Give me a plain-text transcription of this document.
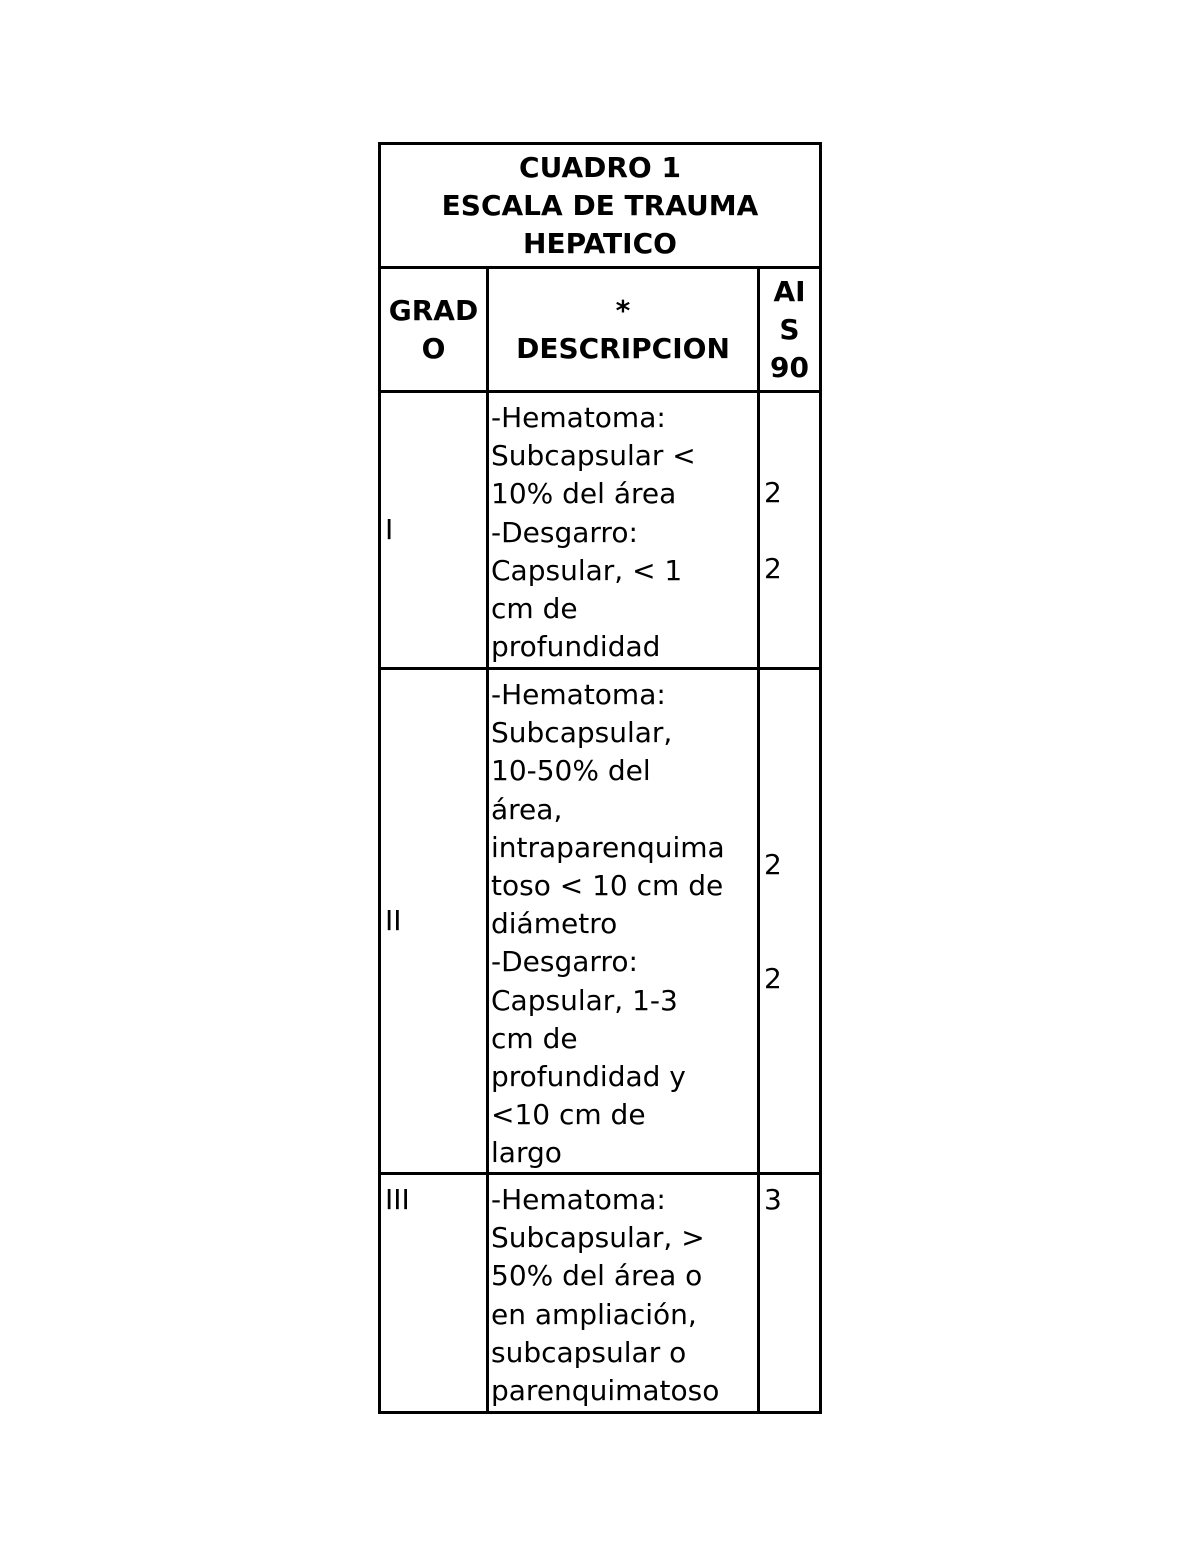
CUADRO 1
ESCALA DE TRAUMA
HEPATICO
GRAD
O
*
DESCRIPCION
AI
S
90
I
-Hematoma:
Subcapsular <
10% del área
-Desgarro:
Capsular, < 1
cm de
profundidad
2
2
II
-Hematoma:
Subcapsular,
10-50% del
área,
intraparenquima
toso < 10 cm de
diámetro
-Desgarro:
Capsular, 1-3
cm de
profundidad y
<10 cm de
largo
2
2
III	-Hematoma:
Subcapsular, >
50% del área o
en ampliación,
subcapsular o
parenquimatoso
3
